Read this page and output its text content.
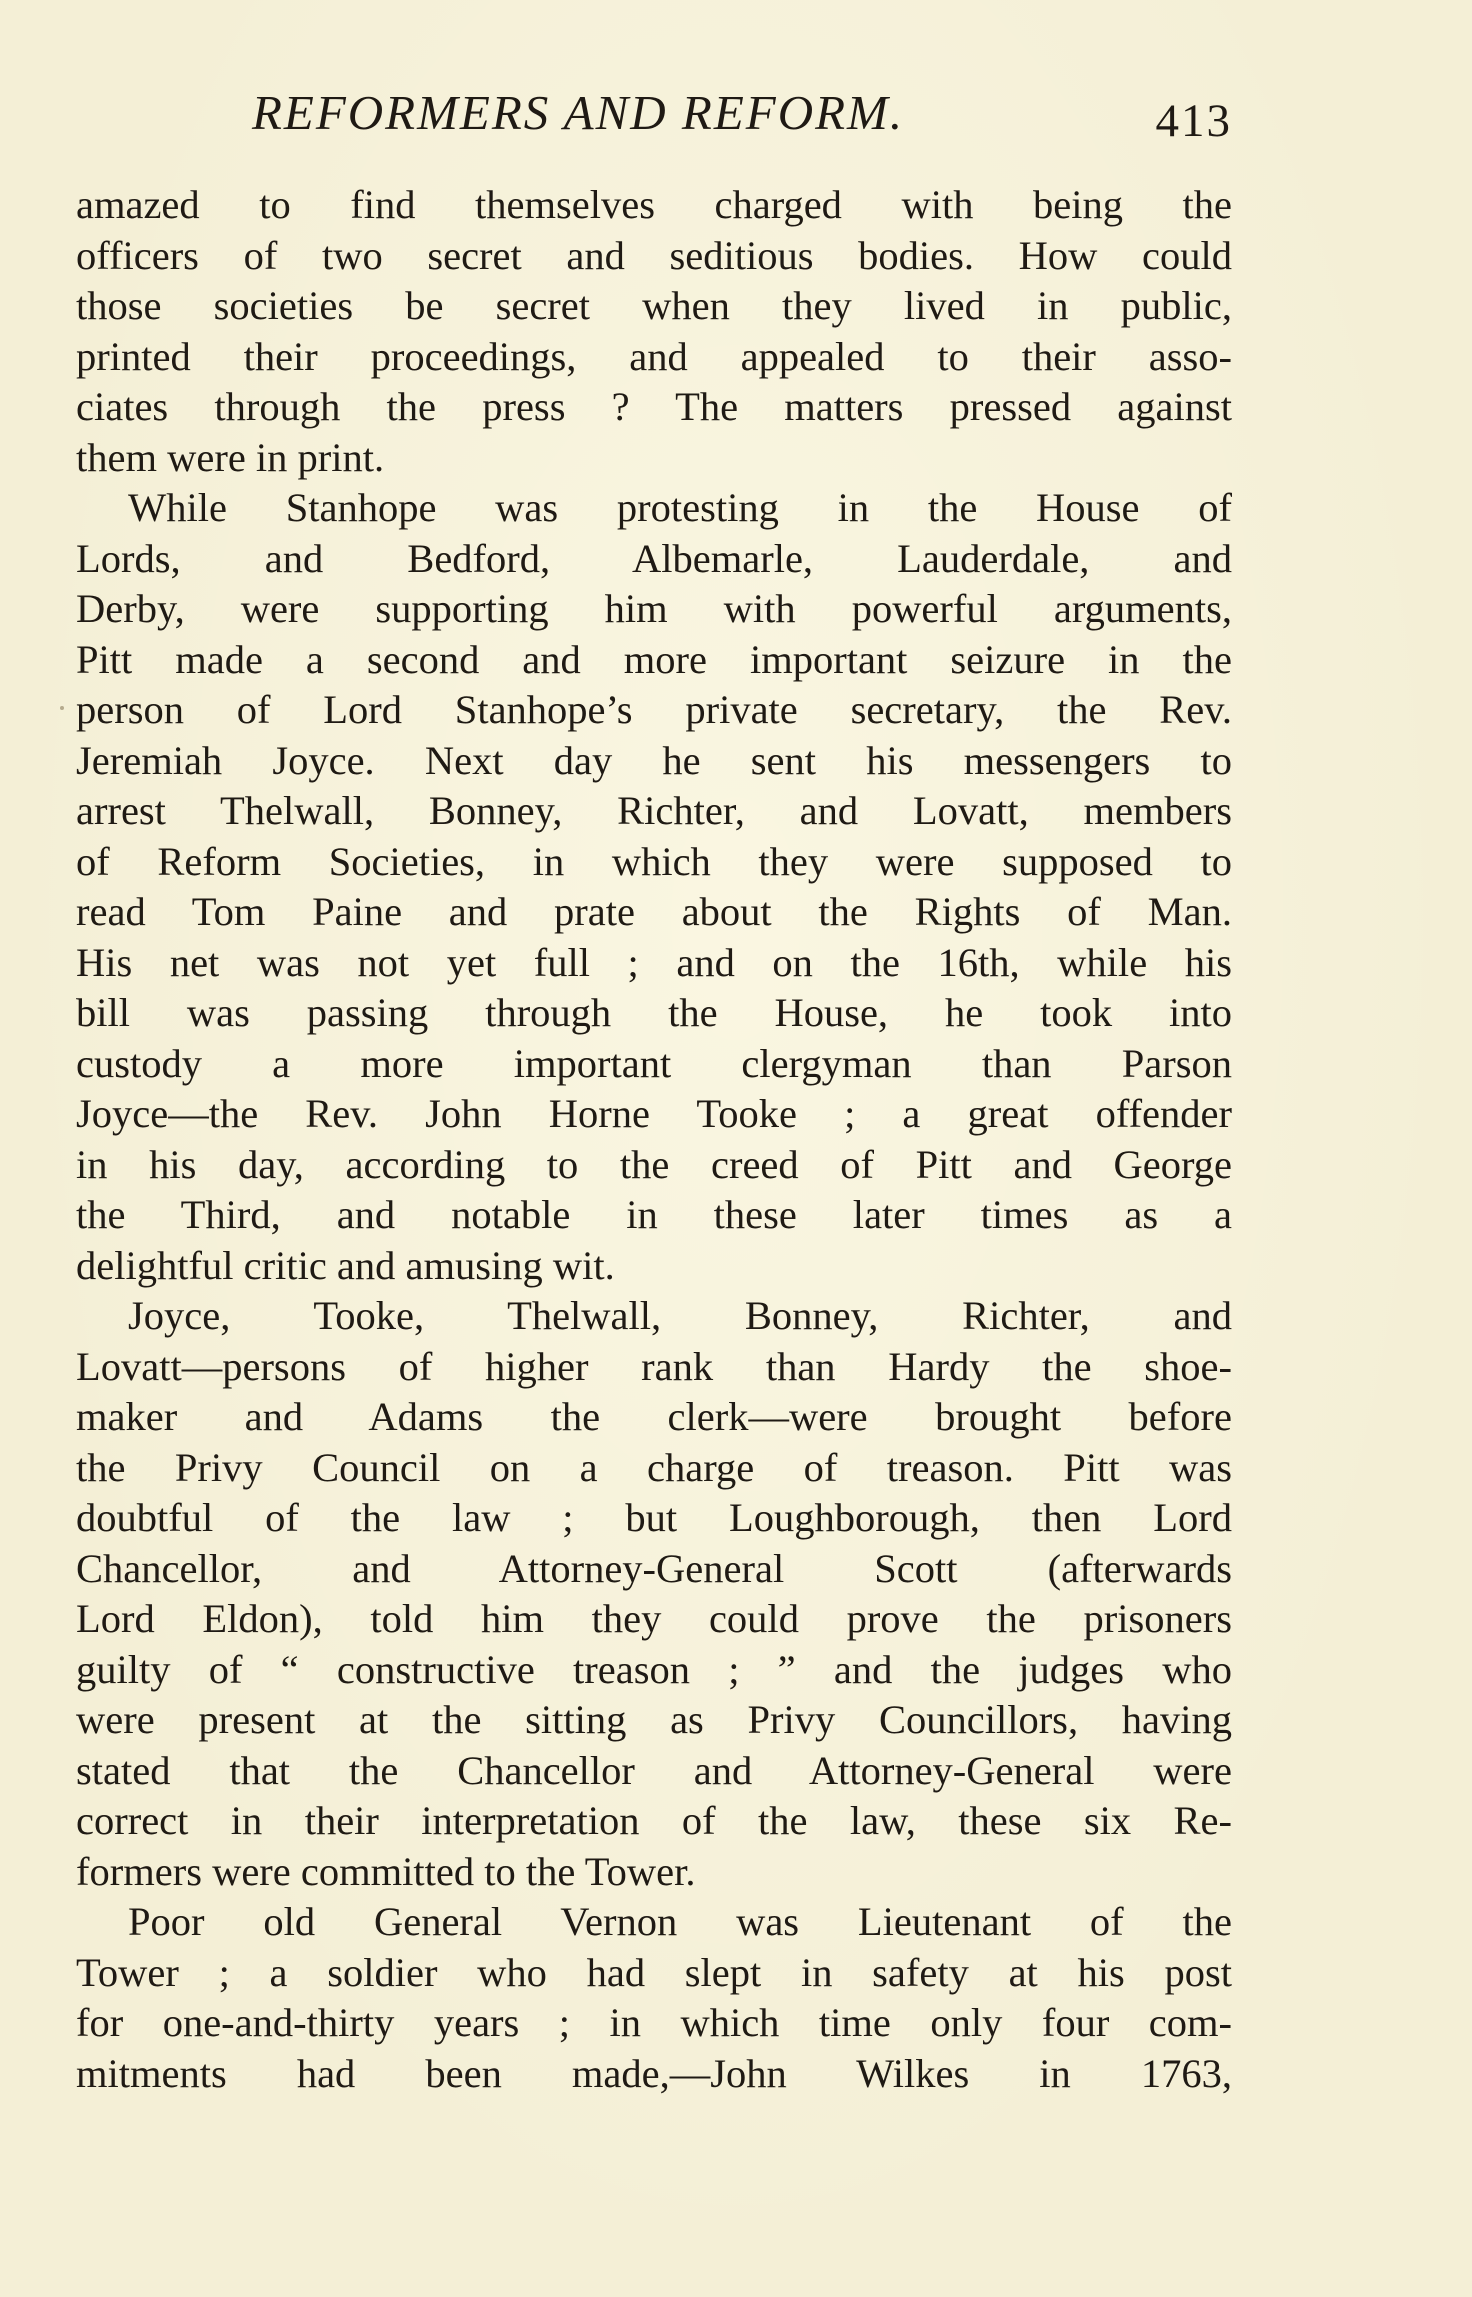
REFORMERS AND REFORM.	413
amazed to find themselves charged with being the
officers of two secret and seditious bodies. How could
those societies be secret when they lived in public,
printed their proceedings, and appealed to their asso-
ciates through the press ? The matters pressed against
them were in print.
While Stanhope was protesting in the House of
Lords, and Bedford, Albemarle, Lauderdale, and
Derby, were supporting him with powerful arguments,
Pitt made a second and more important seizure in the
person of Lord Stanhope’s private secretary, the Rev.
Jeremiah Joyce. Next day he sent his messengers to
arrest Thelwall, Bonney, Richter, and Lovatt, members
of Reform Societies, in which they were supposed to
read Tom Paine and prate about the Rights of Man.
His net was not yet full ; and on the 16th, while his
bill was passing through the House, he took into
custody a more important clergyman than Parson
Joyce—the Rev. John Horne Tooke ; a great offender
in his day, according to the creed of Pitt and George
the Third, and notable in these later times as a
delightful critic and amusing wit.
Joyce, Tooke, Thelwall, Bonney, Richter, and
Lovatt—persons of higher rank than Hardy the shoe-
maker and Adams the clerk—were brought before
the Privy Council on a charge of treason. Pitt was
doubtful of the law ; but Loughborough, then Lord
Chancellor, and Attorney-General Scott (afterwards
Lord Eldon), told him they could prove the prisoners
guilty of “ constructive treason ; ” and the judges who
were present at the sitting as Privy Councillors, having
stated that the Chancellor and Attorney-General were
correct in their interpretation of the law, these six Re-
formers were committed to the Tower.
Poor old General Vernon was Lieutenant of the
Tower ; a soldier who had slept in safety at his post
for one-and-thirty years ; in which time only four com-
mitments had been made,—John Wilkes in 1763,
